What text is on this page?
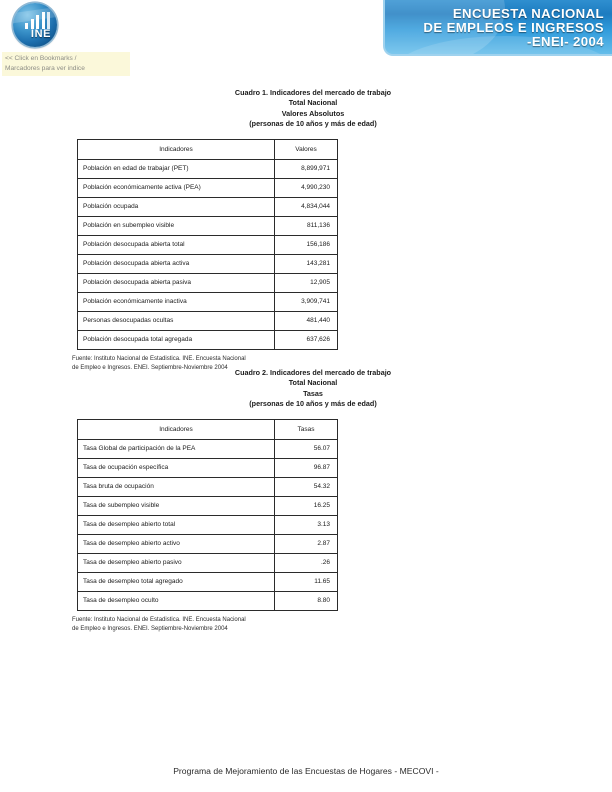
INE
<< Click en Bookmarks /
Marcadores para ver indice
ENCUESTA NACIONAL
DE EMPLEOS E INGRESOS
-ENEI- 2004
Cuadro 1. Indicadores del mercado de trabajo
Total Nacional
Valores Absolutos
(personas de 10 años y más de edad)
Indicadores	Valores
Población en edad de trabajar (PET)	8,899,971
Población económicamente activa (PEA)	4,990,230
Población ocupada	4,834,044
Población en subempleo visible	811,136
Población desocupada abierta total	156,186
Población desocupada abierta activa	143,281
Población desocupada abierta pasiva	12,905
Población económicamente inactiva	3,909,741
Personas desocupadas ocultas	481,440
Población desocupada total agregada	637,626
Fuente: Instituto Nacional de Estadistica. INE. Encuesta Nacional
de Empleo e Ingresos. ENEI. Septiembre-Noviembre 2004 Cuadro 2. Indicadores del mercado de trabajo
Total Nacional
Tasas
(personas de 10 años y más de edad)
Indicadores	Tasas
Tasa Global de participación de la PEA	56.07
Tasa de ocupación específica	96.87
Tasa bruta de ocupación	54.32
Tasa de subempleo visible	16.25
Tasa de desempleo abierto total	3.13
Tasa de desempleo abierto activo	2.87
Tasa de desempleo abierto pasivo	.26
Tasa de desempleo total agregado	11.65
Tasa de desempleo oculto	8.80
Fuente: Instituto Nacional de Estadistica. INE. Encuesta Nacional
de Empleo e Ingresos. ENEI. Septiembre-Noviembre 2004
Programa de Mejoramiento de las Encuestas de Hogares - MECOVI -
